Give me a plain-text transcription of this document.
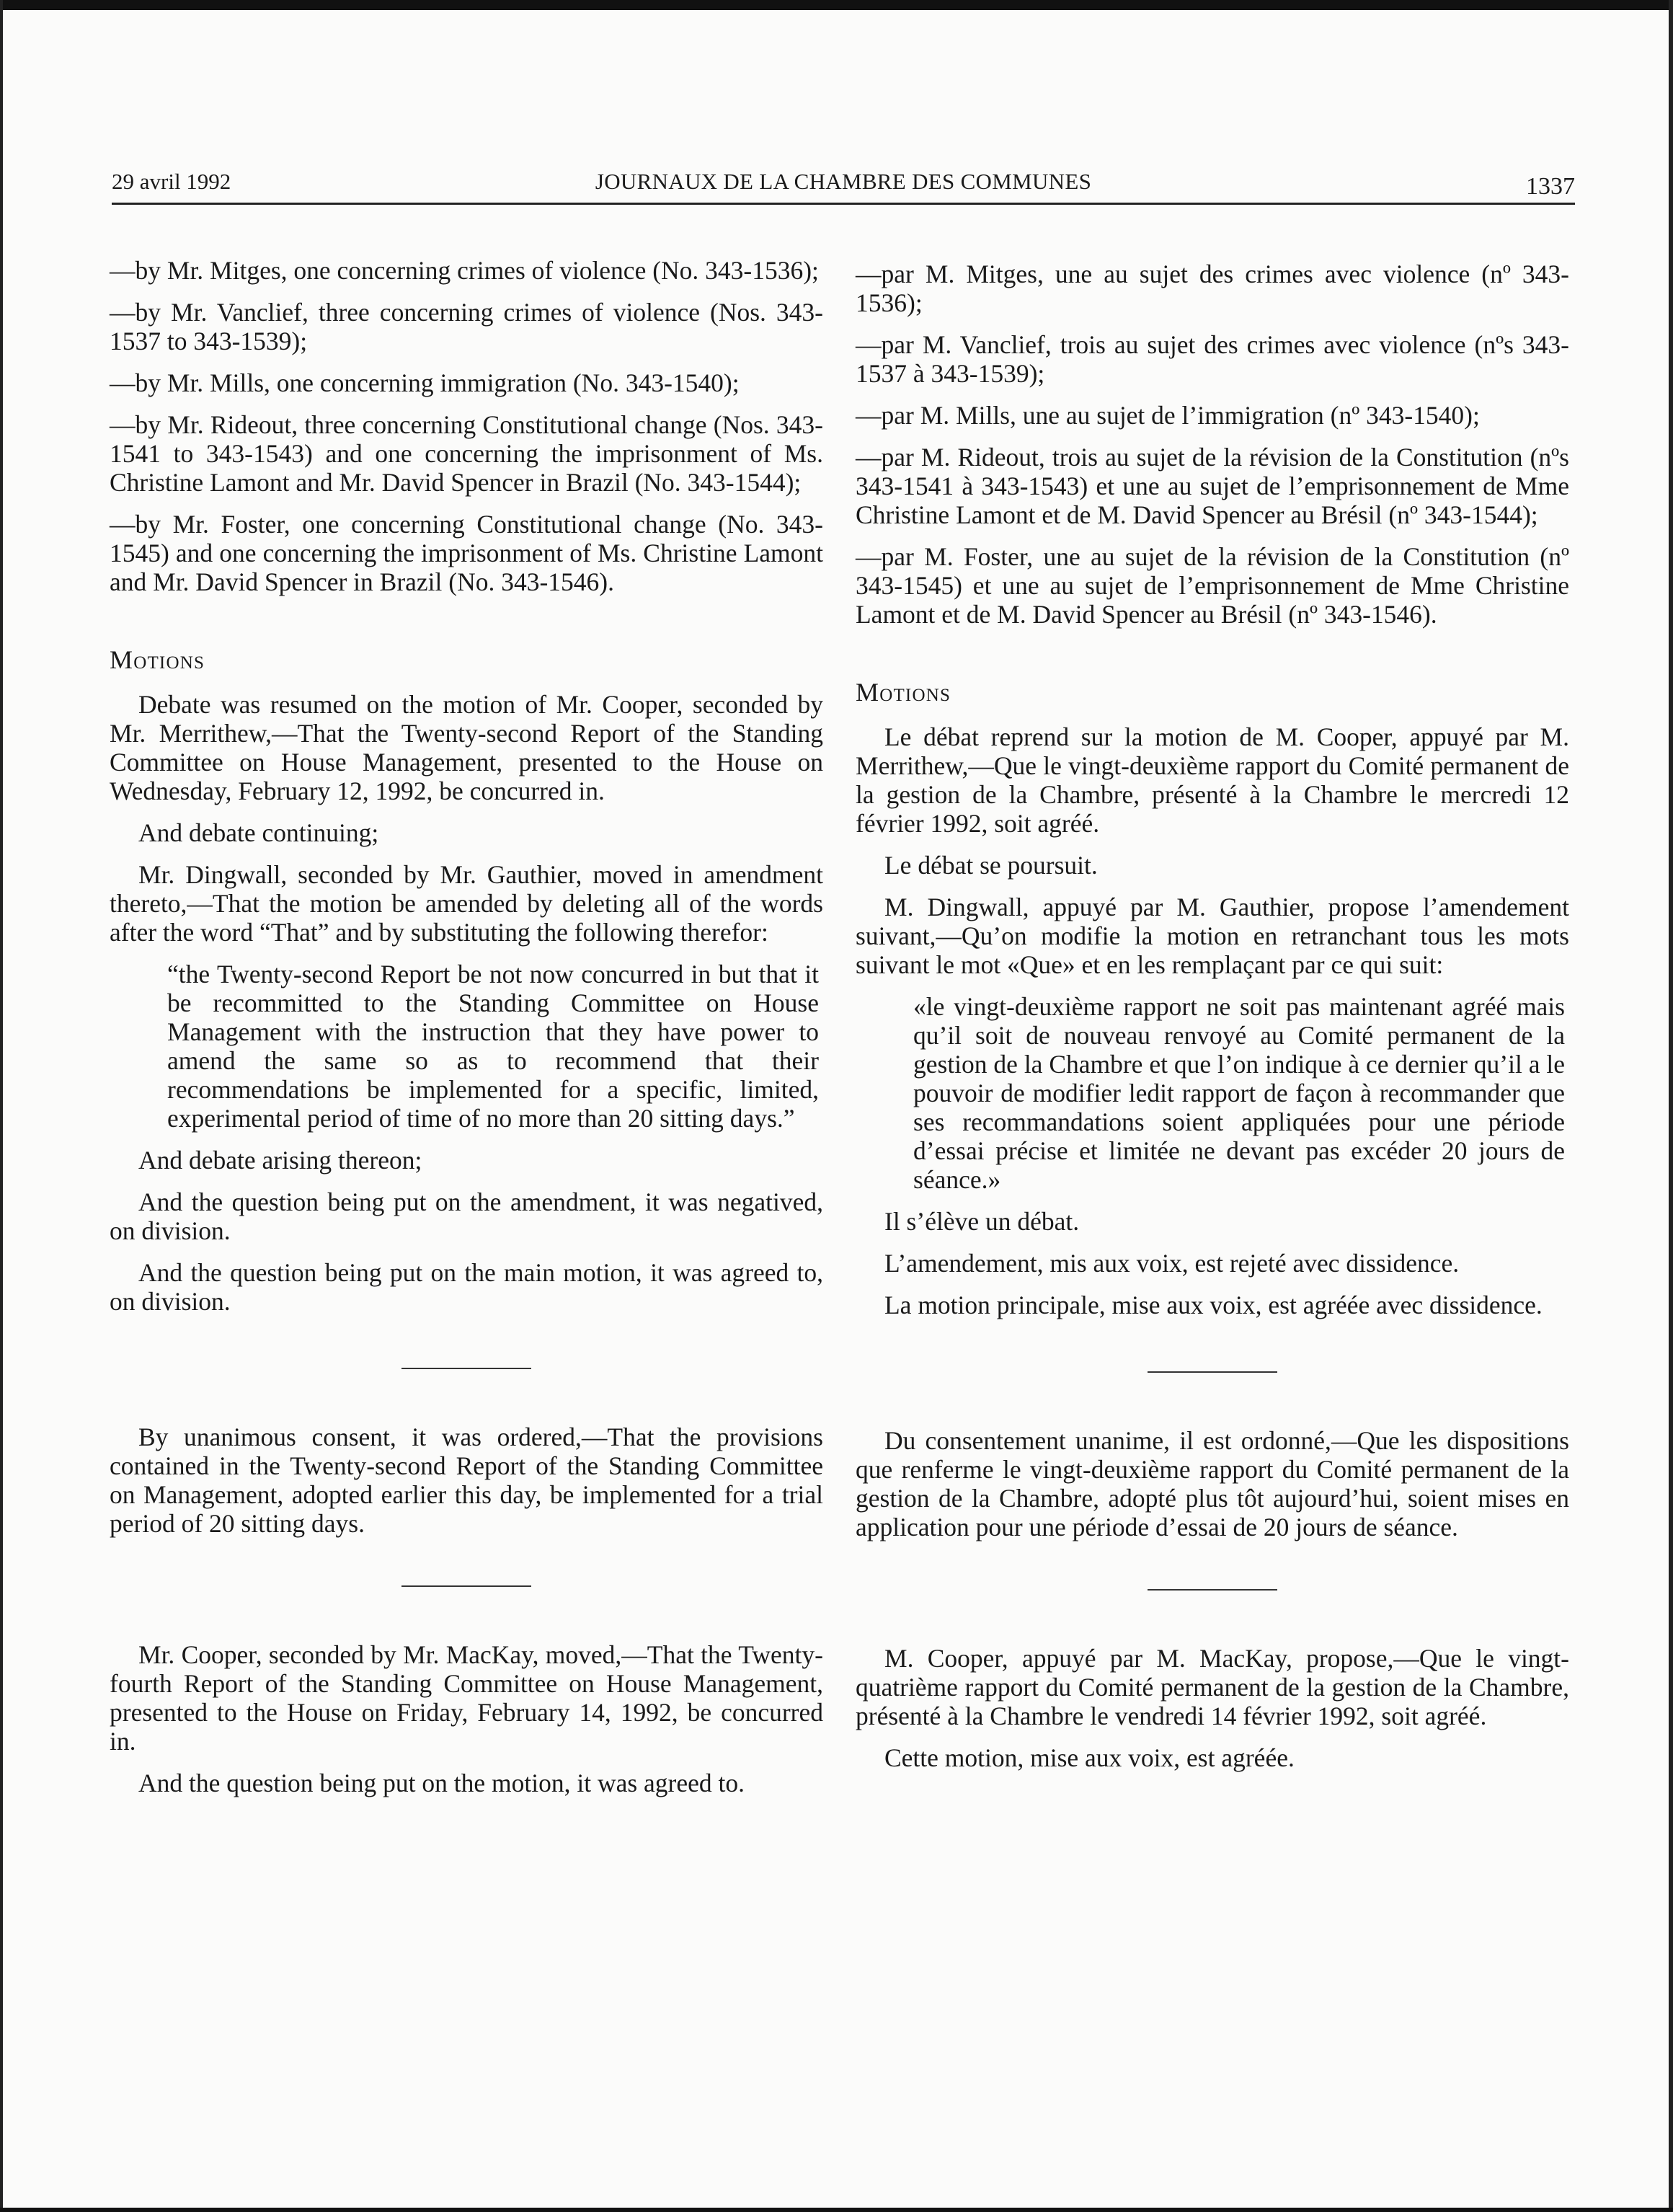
29 avril 1992	JOURNAUX DE LA CHAMBRE DES COMMUNES	1337

—by Mr. Mitges, one concerning crimes of violence (No. 343-1536);

—by Mr. Vanclief, three concerning crimes of violence (Nos. 343-1537 to 343-1539);

—by Mr. Mills, one concerning immigration (No. 343-1540);

—by Mr. Rideout, three concerning Constitutional change (Nos. 343-1541 to 343-1543) and one concerning the imprisonment of Ms. Christine Lamont and Mr. David Spencer in Brazil (No. 343-1544);

—by Mr. Foster, one concerning Constitutional change (No. 343-1545) and one concerning the imprisonment of Ms. Christine Lamont and Mr. David Spencer in Brazil (No. 343-1546).

Motions

Debate was resumed on the motion of Mr. Cooper, seconded by Mr. Merrithew,—That the Twenty-second Report of the Standing Committee on House Management, presented to the House on Wednesday, February 12, 1992, be concurred in.

And debate continuing;

Mr. Dingwall, seconded by Mr. Gauthier, moved in amendment thereto,—That the motion be amended by deleting all of the words after the word “That” and by substituting the following therefor:

“the Twenty-second Report be not now concurred in but that it be recommitted to the Standing Committee on House Management with the instruction that they have power to amend the same so as to recommend that their recommendations be implemented for a specific, limited, experimental period of time of no more than 20 sitting days.”

And debate arising thereon;

And the question being put on the amendment, it was negatived, on division.

And the question being put on the main motion, it was agreed to, on division.

By unanimous consent, it was ordered,—That the provisions contained in the Twenty-second Report of the Standing Committee on Management, adopted earlier this day, be implemented for a trial period of 20 sitting days.

Mr. Cooper, seconded by Mr. MacKay, moved,—That the Twenty-fourth Report of the Standing Committee on House Management, presented to the House on Friday, February 14, 1992, be concurred in.

And the question being put on the motion, it was agreed to.

—par M. Mitges, une au sujet des crimes avec violence (nº 343-1536);

—par M. Vanclief, trois au sujet des crimes avec violence (nºs 343-1537 à 343-1539);

—par M. Mills, une au sujet de l’immigration (nº 343-1540);

—par M. Rideout, trois au sujet de la révision de la Constitution (nºs 343-1541 à 343-1543) et une au sujet de l’emprisonnement de Mme Christine Lamont et de M. David Spencer au Brésil (nº 343-1544);

—par M. Foster, une au sujet de la révision de la Constitution (nº 343-1545) et une au sujet de l’emprisonnement de Mme Christine Lamont et de M. David Spencer au Brésil (nº 343-1546).

Motions

Le débat reprend sur la motion de M. Cooper, appuyé par M. Merrithew,—Que le vingt-deuxième rapport du Comité permanent de la gestion de la Chambre, présenté à la Chambre le mercredi 12 février 1992, soit agréé.

Le débat se poursuit.

M. Dingwall, appuyé par M. Gauthier, propose l’amendement suivant,—Qu’on modifie la motion en retranchant tous les mots suivant le mot «Que» et en les remplaçant par ce qui suit:

«le vingt-deuxième rapport ne soit pas maintenant agréé mais qu’il soit de nouveau renvoyé au Comité permanent de la gestion de la Chambre et que l’on indique à ce dernier qu’il a le pouvoir de modifier ledit rapport de façon à recommander que ses recommandations soient appliquées pour une période d’essai précise et limitée ne devant pas excéder 20 jours de séance.»

Il s’élève un débat.

L’amendement, mis aux voix, est rejeté avec dissidence.

La motion principale, mise aux voix, est agréée avec dissidence.

Du consentement unanime, il est ordonné,—Que les dispositions que renferme le vingt-deuxième rapport du Comité permanent de la gestion de la Chambre, adopté plus tôt aujourd’hui, soient mises en application pour une période d’essai de 20 jours de séance.

M. Cooper, appuyé par M. MacKay, propose,—Que le vingt-quatrième rapport du Comité permanent de la gestion de la Chambre, présenté à la Chambre le vendredi 14 février 1992, soit agréé.

Cette motion, mise aux voix, est agréée.
